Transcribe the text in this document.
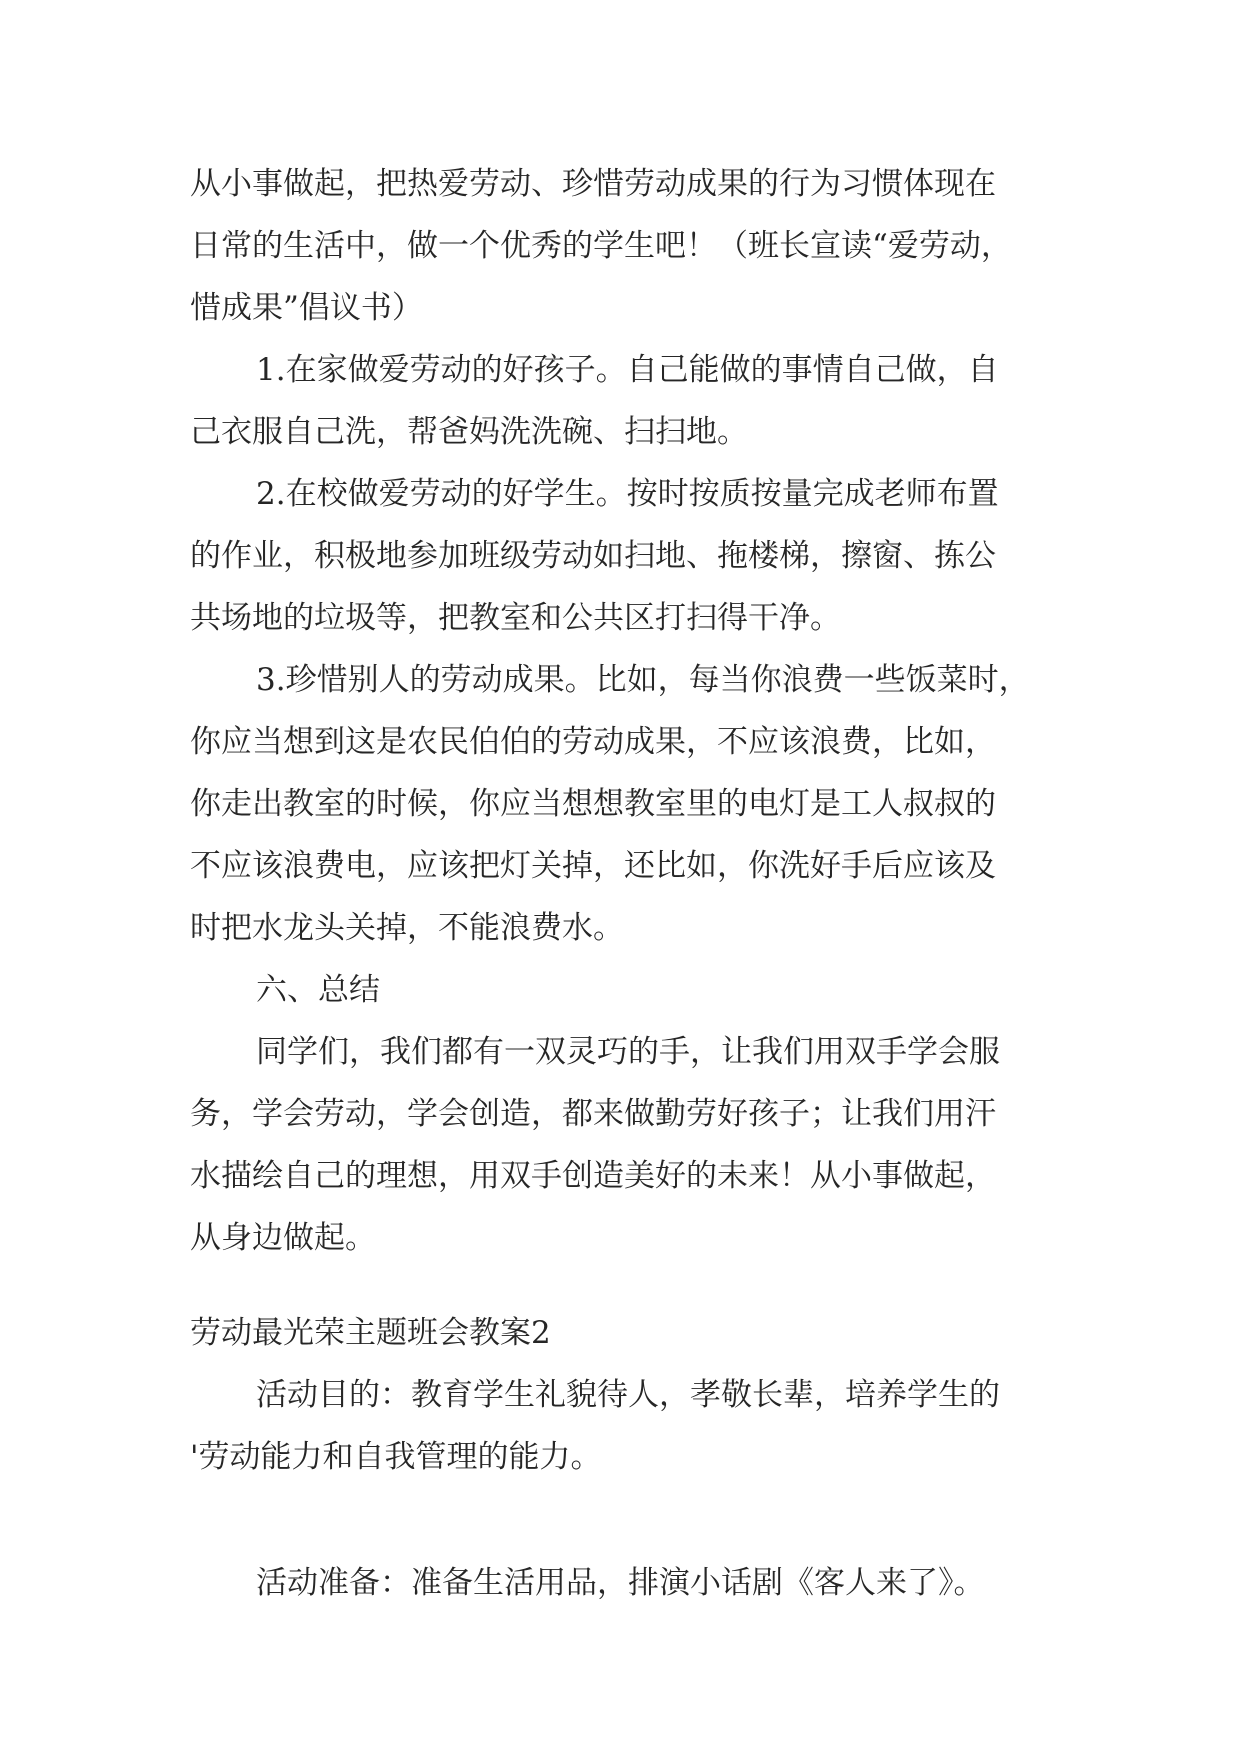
从小事做起，把热爱劳动、珍惜劳动成果的行为习惯体现在

日常的生活中，做一个优秀的学生吧！（班长宣读“爱劳动，

惜成果”倡议书）

1.在家做爱劳动的好孩子。自己能做的事情自己做，自

己衣服自己洗，帮爸妈洗洗碗、扫扫地。

2.在校做爱劳动的好学生。按时按质按量完成老师布置

的作业，积极地参加班级劳动如扫地、拖楼梯，擦窗、拣公

共场地的垃圾等，把教室和公共区打扫得干净。

3.珍惜别人的劳动成果。比如，每当你浪费一些饭菜时，

你应当想到这是农民伯伯的劳动成果，不应该浪费，比如，

你走出教室的时候，你应当想想教室里的电灯是工人叔叔的

不应该浪费电，应该把灯关掉，还比如，你洗好手后应该及

时把水龙头关掉，不能浪费水。

六、总结

同学们，我们都有一双灵巧的手，让我们用双手学会服

务，学会劳动，学会创造，都来做勤劳好孩子；让我们用汗

水描绘自己的理想，用双手创造美好的未来！从小事做起，

从身边做起。

劳动最光荣主题班会教案2

活动目的：教育学生礼貌待人，孝敬长辈，培养学生的

'劳动能力和自我管理的能力。

活动准备：准备生活用品，排演小话剧《客人来了》。
